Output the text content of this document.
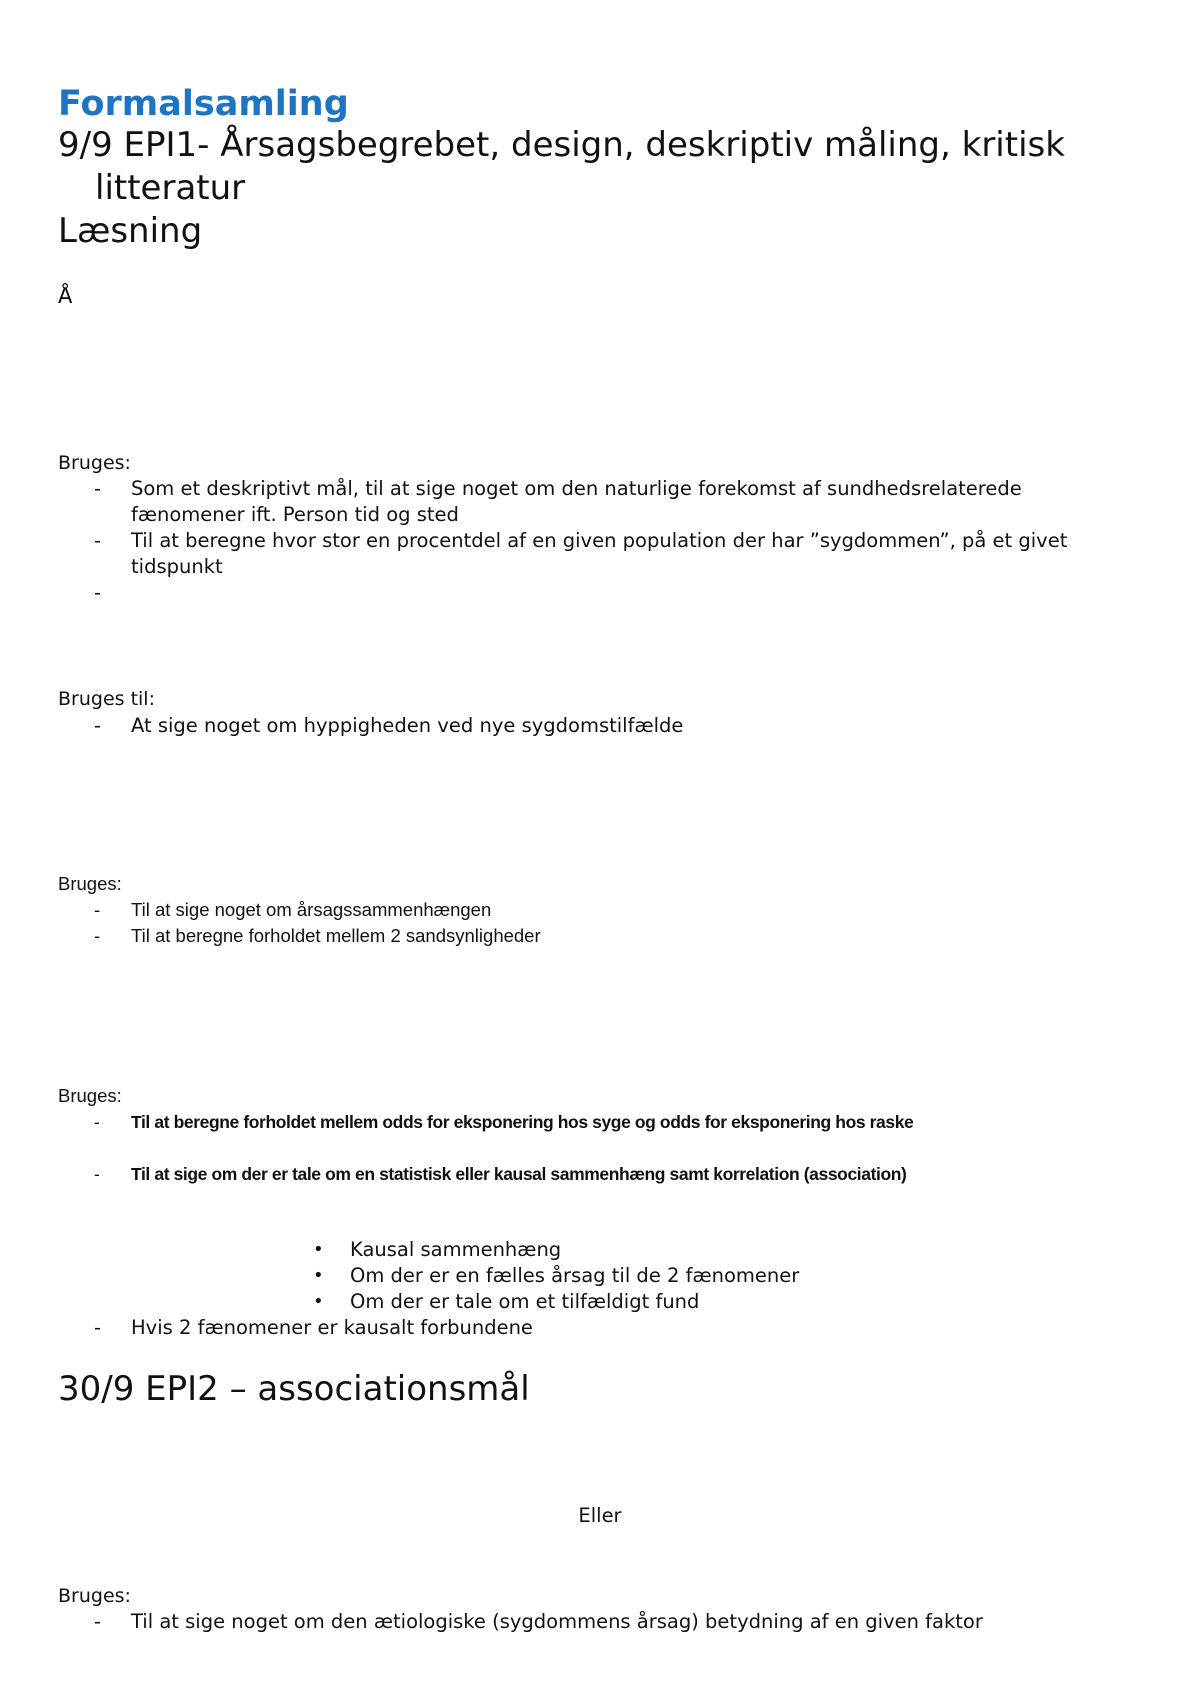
Formalsamling
9/9 EPI1- Årsagsbegrebet, design, deskriptiv måling, kritisk
litteratur
Læsning
Å
Bruges:
- Som et deskriptivt mål, til at sige noget om den naturlige forekomst af sundhedsrelaterede
fænomener ift. Person tid og sted
- Til at beregne hvor stor en procentdel af en given population der har ”sygdommen”, på et givet
tidspunkt
-
Bruges til:
- At sige noget om hyppigheden ved nye sygdomstilfælde
Bruges:
- Til at sige noget om årsagssammenhængen
- Til at beregne forholdet mellem 2 sandsynligheder
Bruges:
- Til at beregne forholdet mellem odds for eksponering hos syge og odds for eksponering hos raske
- Til at sige om der er tale om en statistisk eller kausal sammenhæng samt korrelation (association)
• Kausal sammenhæng
• Om der er en fælles årsag til de 2 fænomener
• Om der er tale om et tilfældigt fund
- Hvis 2 fænomener er kausalt forbundene
30/9 EPI2 – associationsmål
Eller
Bruges:
- Til at sige noget om den ætiologiske (sygdommens årsag) betydning af en given faktor
